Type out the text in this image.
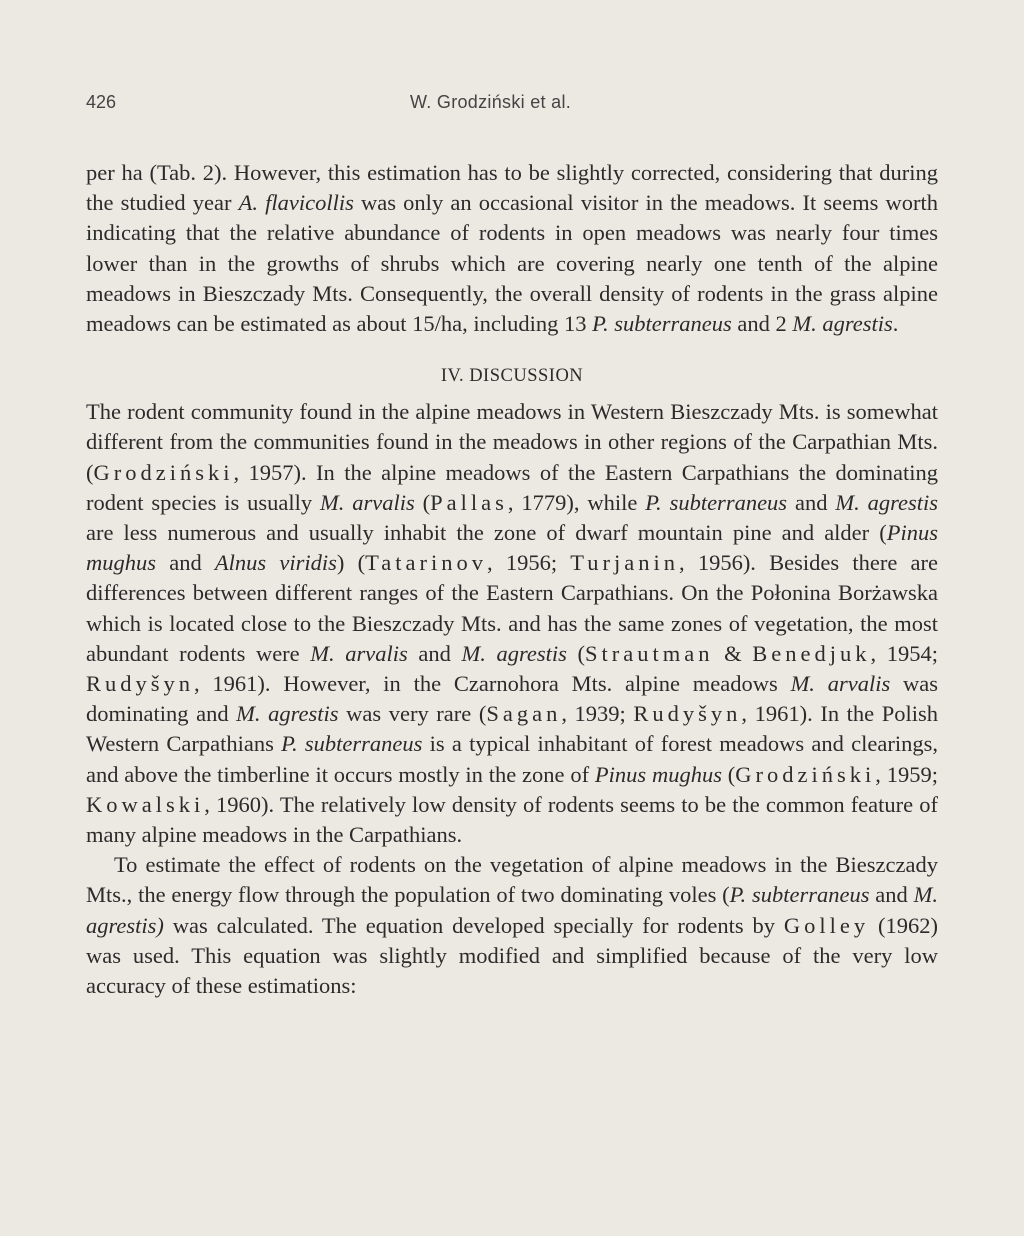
426	W. Grodziński et al.

per ha (Tab. 2). However, this estimation has to be slightly corrected, considering that during the studied year A. flavicollis was only an occasional visitor in the meadows. It seems worth indicating that the relative abundance of rodents in open meadows was nearly four times lower than in the growths of shrubs which are covering nearly one tenth of the alpine meadows in Bieszczady Mts. Consequently, the overall density of rodents in the grass alpine meadows can be estimated as about 15/ha, including 13 P. subterraneus and 2 M. agrestis.

IV. DISCUSSION

The rodent community found in the alpine meadows in Western Bieszczady Mts. is somewhat different from the communities found in the meadows in other regions of the Carpathian Mts. (Grodziński, 1957). In the alpine meadows of the Eastern Carpathians the dominating rodent species is usually M. arvalis (Pallas, 1779), while P. subterraneus and M. agrestis are less numerous and usually inhabit the zone of dwarf mountain pine and alder (Pinus mughus and Alnus viridis) (Tatarinov, 1956; Turjanin, 1956). Besides there are differences between different ranges of the Eastern Carpathians. On the Połonina Borżawska which is located close to the Bieszczady Mts. and has the same zones of vegetation, the most abundant rodents were M. arvalis and M. agrestis (Strautman & Benedjuk, 1954; Rudyšyn, 1961). However, in the Czarnohora Mts. alpine meadows M. arvalis was dominating and M. agrestis was very rare (Sagan, 1939; Rudyšyn, 1961). In the Polish Western Carpathians P. subterraneus is a typical inhabitant of forest meadows and clearings, and above the timberline it occurs mostly in the zone of Pinus mughus (Grodziński, 1959; Kowalski, 1960). The relatively low density of rodents seems to be the common feature of many alpine meadows in the Carpathians.

To estimate the effect of rodents on the vegetation of alpine meadows in the Bieszczady Mts., the energy flow through the population of two dominating voles (P. subterraneus and M. agrestis) was calculated. The equation developed specially for rodents by Golley (1962) was used. This equation was slightly modified and simplified because of the very low accuracy of these estimations:
